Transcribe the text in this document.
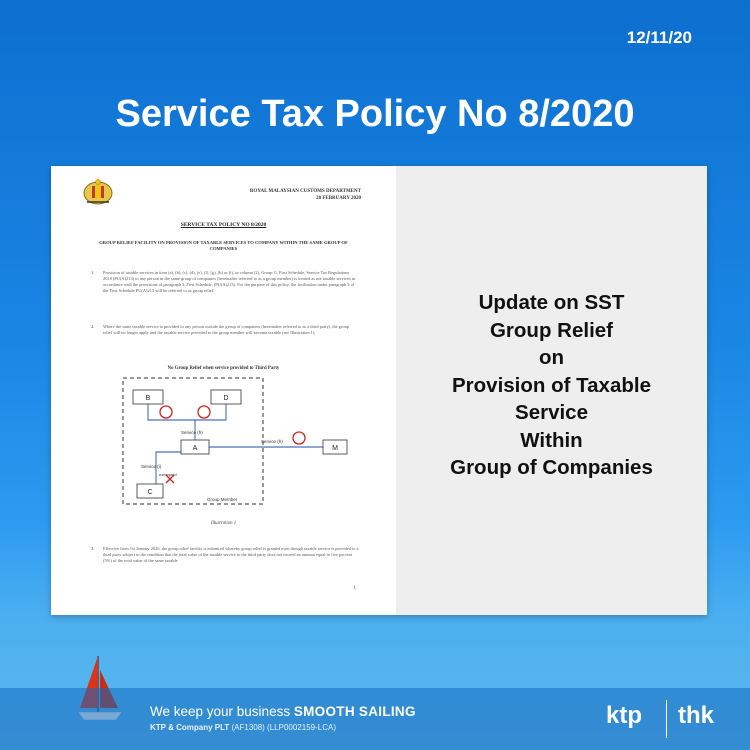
12/11/20
Service Tax Policy No 8/2020
ROYAL MALAYSIAN CUSTOMS DEPARTMENT
20 FEBRUARY 2020
SERVICE TAX POLICY NO 8/2020
GROUP RELIEF FACILITY ON PROVISION OF TAXABLE SERVICES TO COMPANY WITHIN THE SAME GROUP OF COMPANIES
1. Provision of taxable services in item (a), (b), (c), (d), (e), (f), (g), (h) or (i), in column (2), Group G, First Schedule, Service Tax Regulations 2018 (PU(A)213) to any person in the same group of companies (hereinafter referred to as a group member) is treated as not taxable services in accordance with the provisions of paragraph 3, First Schedule, (PU(A)213). For the purpose of this policy, the facilitation under paragraph 3 of the First Schedule PU(A)213 will be referred to as group relief.
2. Where the same taxable service is provided to any person outside the group of companies (hereinafter referred to as a third party), the group relief will no longer apply and the taxable service provided to the group member will become taxable (see Illustration 1).
No Group Relief when service provided to Third Party
B	D
A
C
M
Service (h)
Service (h)
Service (i)
exempted
Group Member
Illustration 1
3. Effective from 1st January 2020, the group relief facility is enhanced whereby group relief is granted even though taxable service is provided to a third party subject to the condition that the total value of the taxable service to the third party does not exceed an amount equal to five percent (5%) of the total value of the same taxable
1
Update on SST
Group Relief
on
Provision of Taxable
Service
Within
Group of Companies
We keep your business SMOOTH SAILING
KTP & Company PLT (AF1308) (LLP0002159-LCA)	ktp thk
